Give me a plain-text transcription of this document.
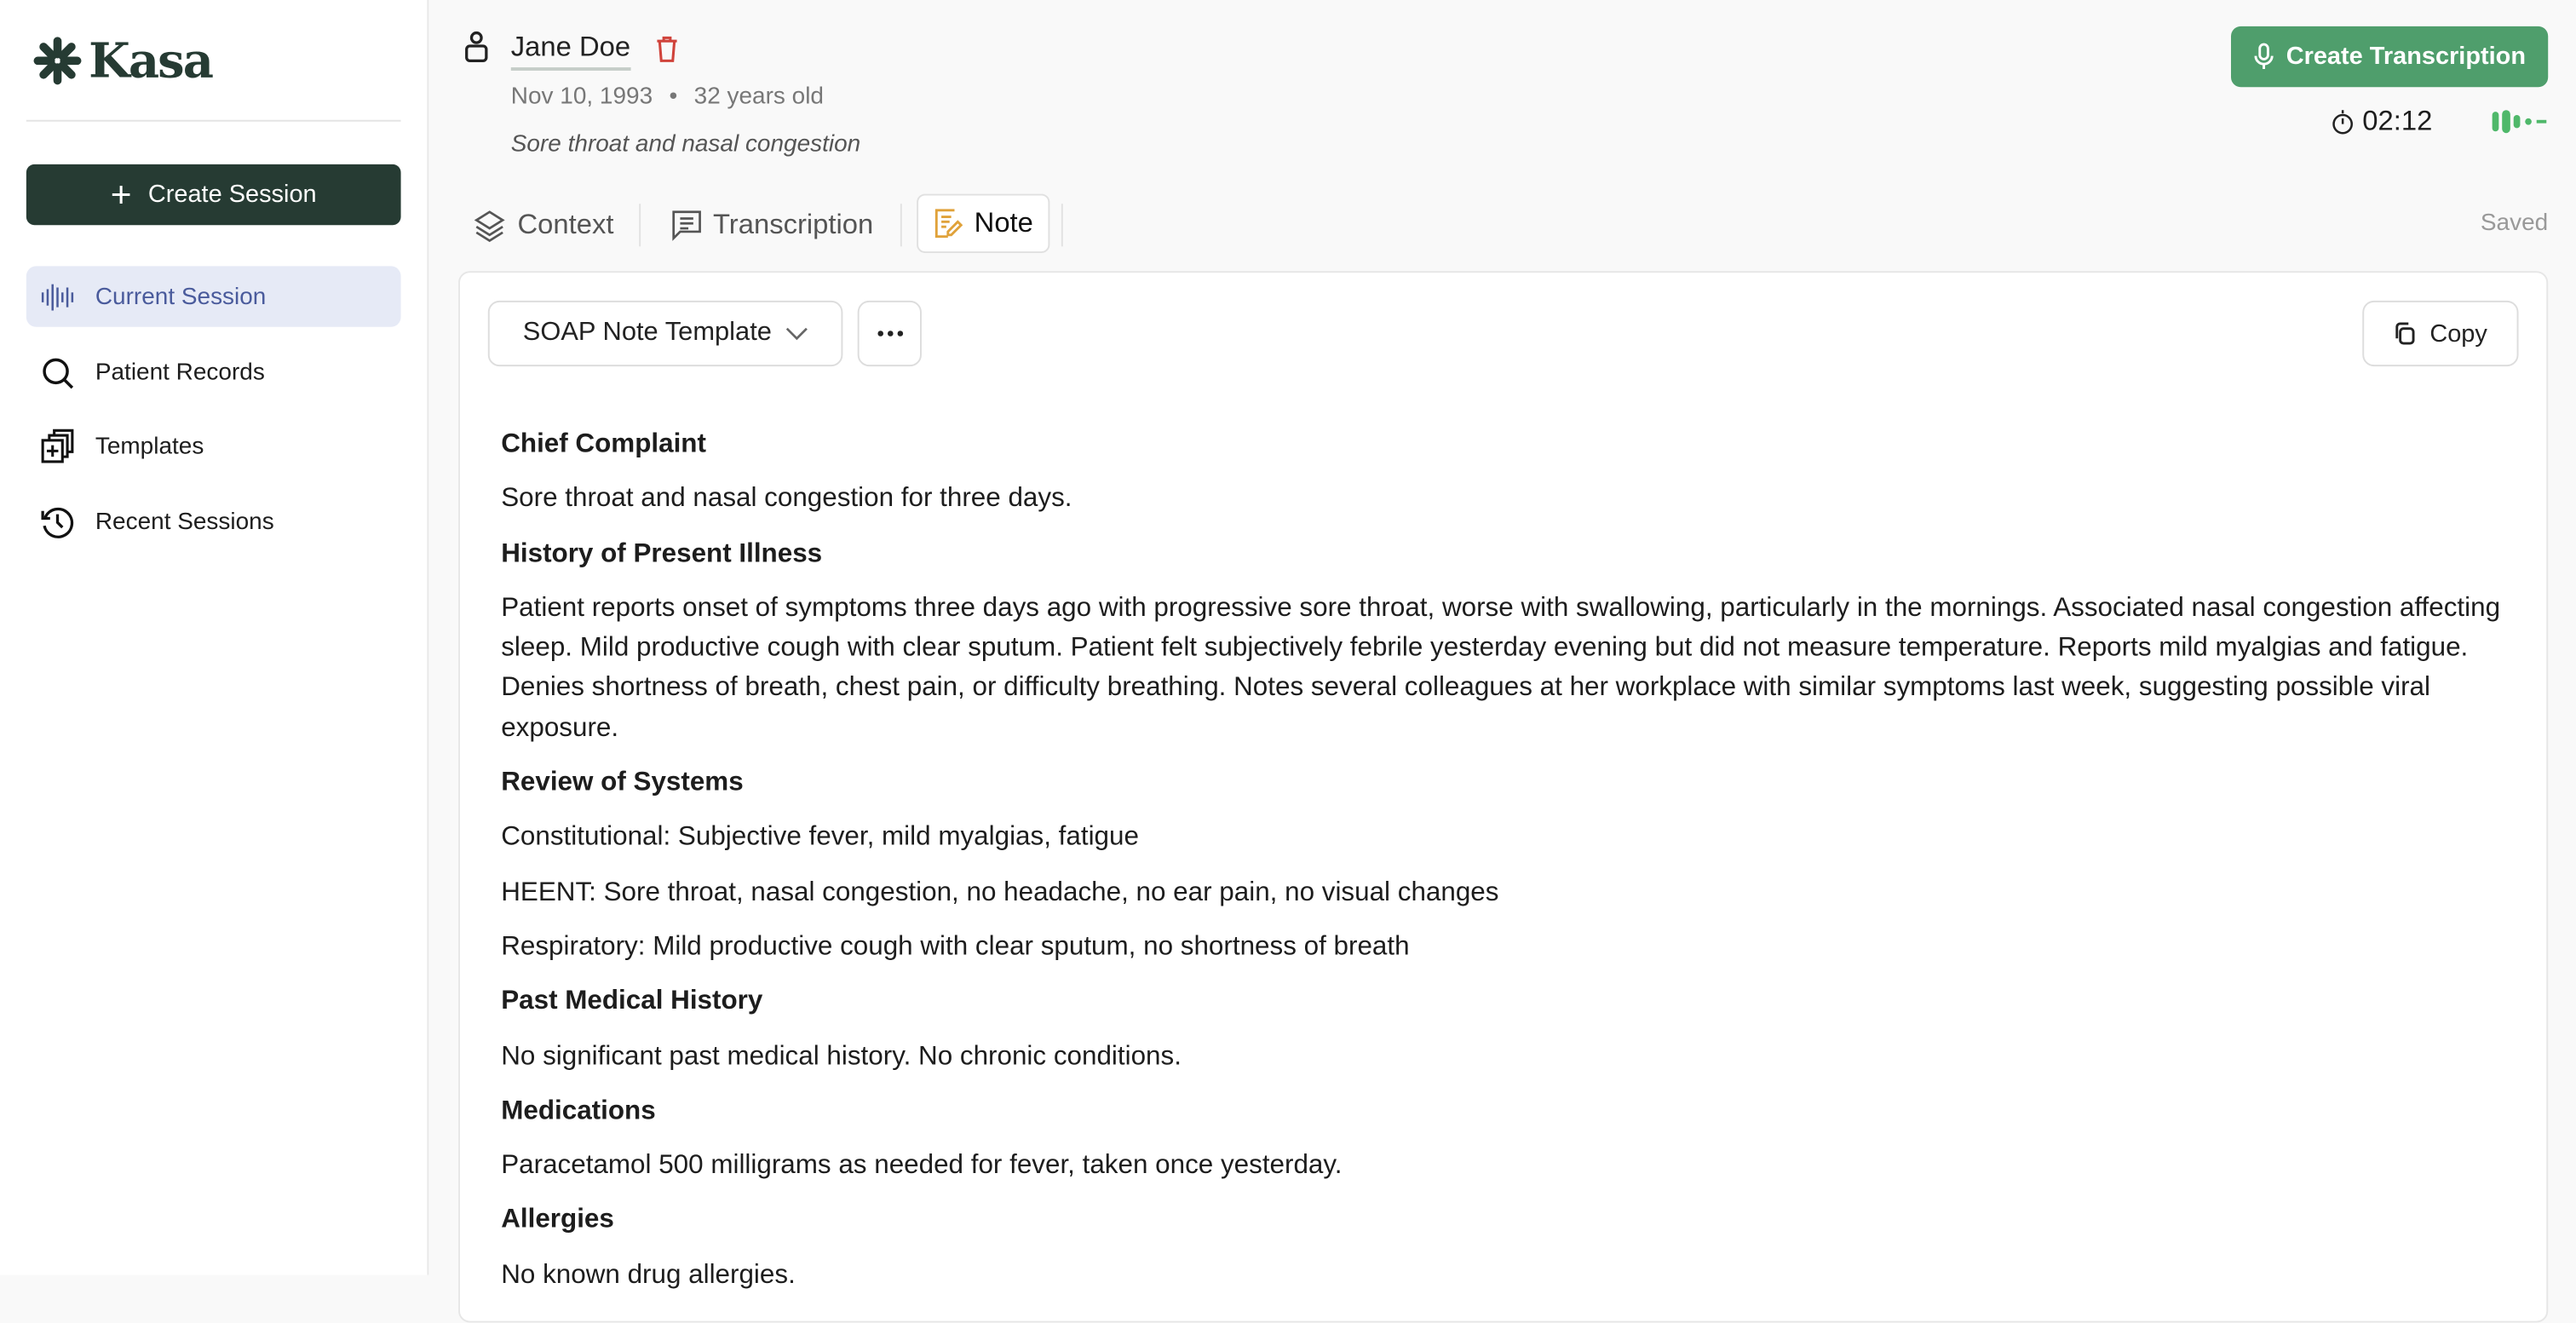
Kasa
+ Create Session
Current Session
Patient Records
Templates
Recent Sessions
Jane Doe
Nov 10, 1993 • 32 years old
Sore throat and nasal congestion
Create Transcription
02:12
Context	Transcription	Note	Saved
SOAP Note Template	Copy
Chief Complaint

Sore throat and nasal congestion for three days.

History of Present Illness

Patient reports onset of symptoms three days ago with progressive sore throat, worse with swallowing, particularly in the mornings. Associated nasal congestion affecting sleep. Mild productive cough with clear sputum. Patient felt subjectively febrile yesterday evening but did not measure temperature. Reports mild myalgias and fatigue. Denies shortness of breath, chest pain, or difficulty breathing. Notes several colleagues at her workplace with similar symptoms last week, suggesting possible viral exposure.

Review of Systems

Constitutional: Subjective fever, mild myalgias, fatigue

HEENT: Sore throat, nasal congestion, no headache, no ear pain, no visual changes

Respiratory: Mild productive cough with clear sputum, no shortness of breath

Past Medical History

No significant past medical history. No chronic conditions.

Medications

Paracetamol 500 milligrams as needed for fever, taken once yesterday.

Allergies

No known drug allergies.
